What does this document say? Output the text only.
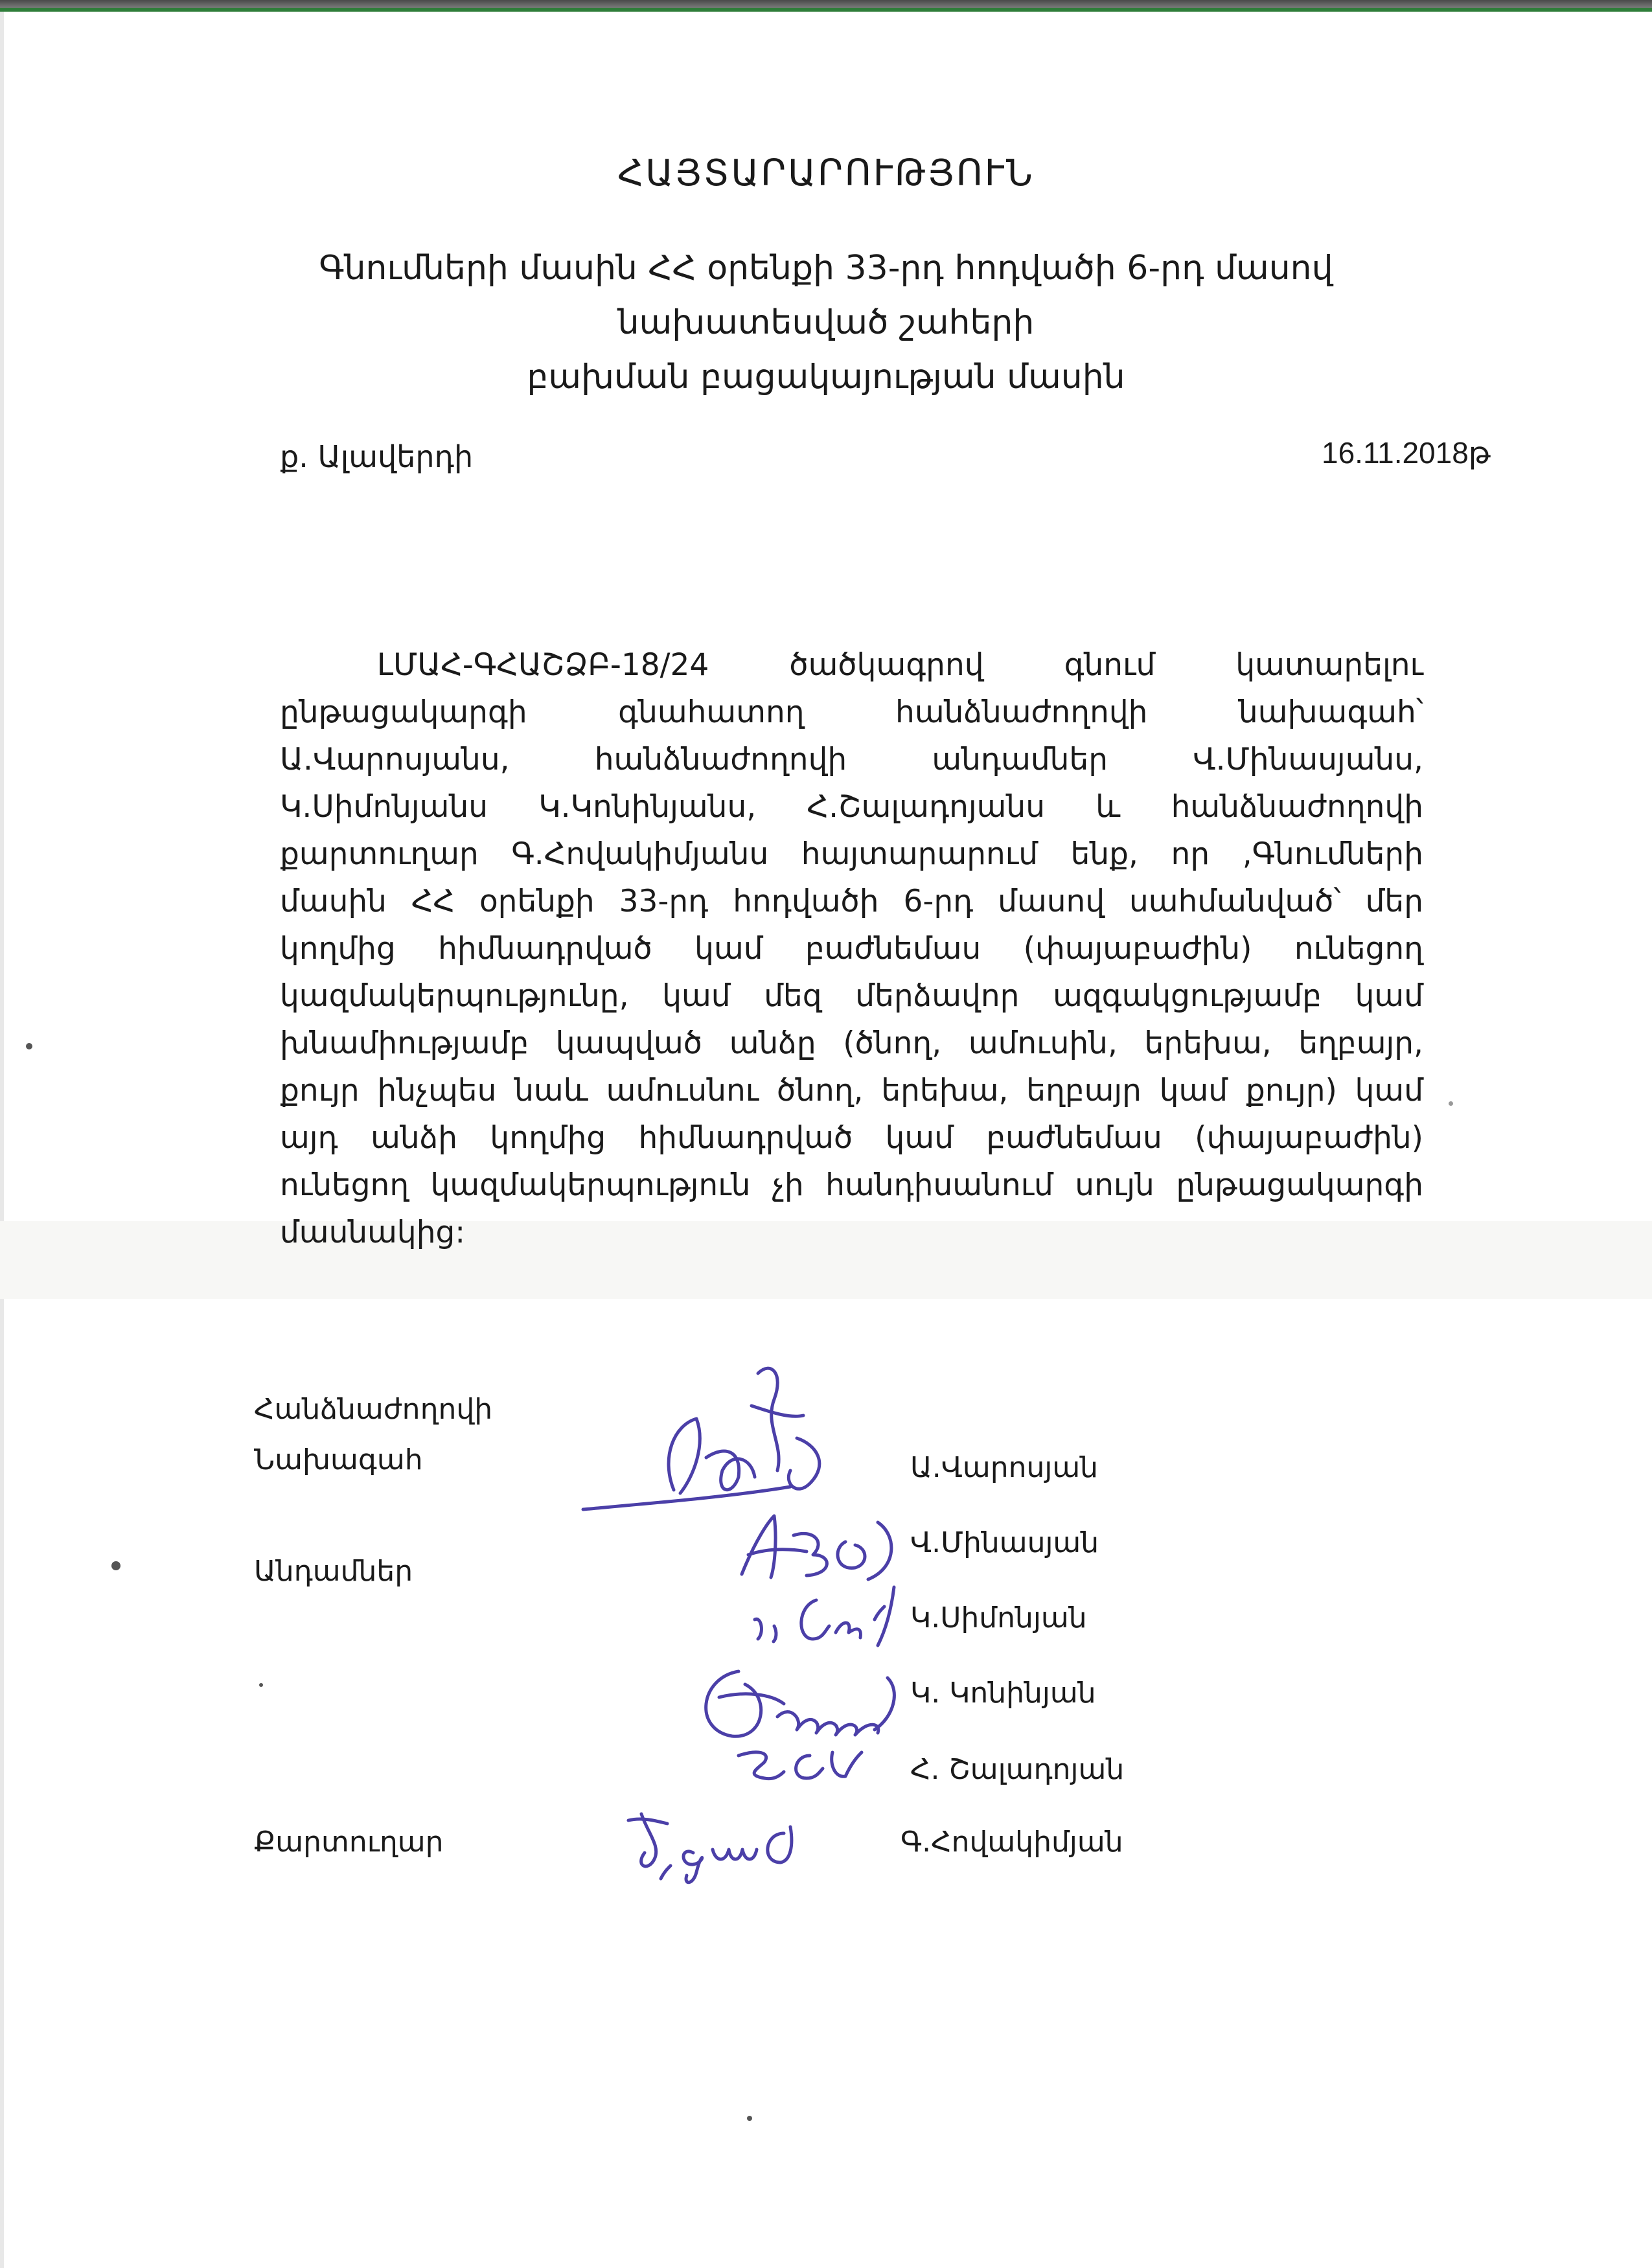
ՀԱՅՏԱՐԱՐՈՒԹՅՈՒՆ
Գնումների մասին ՀՀ օրենքի 33-րդ հոդվածի 6-րդ մասով նախատեսված շահերի
բախման բացակայության մասին
ք. Ալավերդի	16.11.2018թ
ԼՄԱՀ-ԳՀԱՇՁԲ-18/24 ծածկագրով գնում կատարելու ընթացակարգի գնահատող հանձնաժողովի նախագահ՝ Ա.Վարոսյանս, հանձնաժողովի անդամներ Վ.Մինասյանս, Կ.Սիմոնյանս Կ.Կոնինյանս, Հ.Շալադոյանս և հանձնաժողովի քարտուղար Գ.Հովակիմյանս հայտարարում ենք, որ ,Գնումների մասին ՀՀ օրենքի 33-րդ հոդվածի 6-րդ մասով սահմանված՝ մեր կողմից հիմնադրված կամ բաժնեմաս (փայաբաժին) ունեցող կազմակերպությունը, կամ մեզ մերձավոր ազգակցությամբ կամ խնամիությամբ կապված անձը (ծնող, ամուսին, երեխա, եղբայր, քույր ինչպես նաև ամուսնու ծնող, երեխա, եղբայր կամ քույր) կամ այդ անձի կողմից հիմնադրված կամ բաժնեմաս (փայաբաժին) ունեցող կազմակերպություն չի հանդիսանում սույն ընթացակարգի մասնակից:
Հանձնաժողովի
Նախագահ
Անդամներ
Քարտուղար
Ա.Վարոսյան
Վ.Մինասյան
Կ.Սիմոնյան
Կ. Կոնինյան
Հ. Շալադոյան
Գ.Հովակիմյան
